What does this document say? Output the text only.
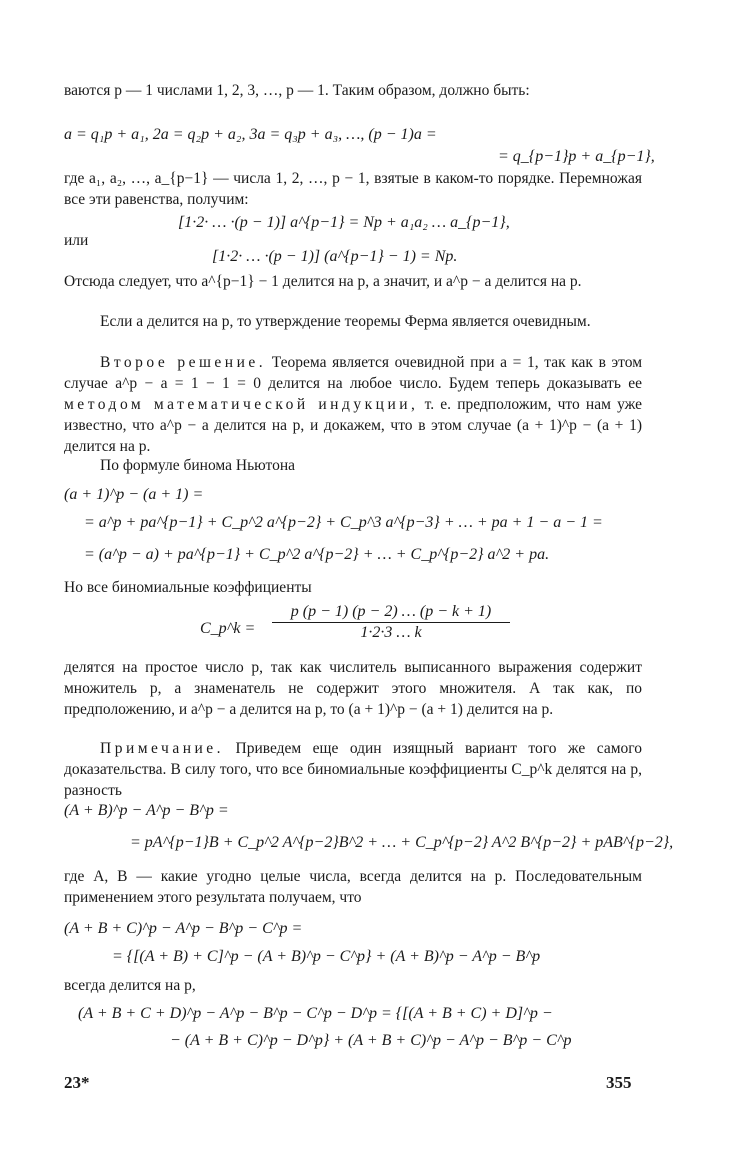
ваются p — 1 числами 1, 2, 3, …, p — 1. Таким образом, должно быть:
a = q₁p + a₁, 2a = q₂p + a₂, 3a = q₃p + a₃, …, (p − 1)a =
= q_{p−1}p + a_{p−1},
где a₁, a₂, …, a_{p−1} — числа 1, 2, …, p − 1, взятые в каком-то порядке. Перемножая все эти равенства, получим:
[1·2· … ·(p − 1)] a^{p−1} = Np + a₁a₂ … a_{p−1},
или
[1·2· … ·(p − 1)] (a^{p−1} − 1) = Np.
Отсюда следует, что a^{p−1} − 1 делится на p, а значит, и a^p − a делится на p.
Если a делится на p, то утверждение теоремы Ферма является очевидным.
Второе решение. Теорема является очевидной при a = 1, так как в этом случае a^p − a = 1 − 1 = 0 делится на любое число. Будем теперь доказывать ее методом математической индукции, т. е. предположим, что нам уже известно, что a^p − a делится на p, и докажем, что в этом случае (a + 1)^p − (a + 1) делится на p.
По формуле бинома Ньютона
(a + 1)^p − (a + 1) =
= a^p + pa^{p−1} + C_p^2 a^{p−2} + C_p^3 a^{p−3} + … + pa + 1 − a − 1 =
= (a^p − a) + pa^{p−1} + C_p^2 a^{p−2} + … + C_p^{p−2} a^2 + pa.
Но все биномиальные коэффициенты
C_p^k =
p (p − 1) (p − 2) … (p − k + 1)
1·2·3 … k
делятся на простое число p, так как числитель выписанного выражения содержит множитель p, а знаменатель не содержит этого множителя. А так как, по предположению, и a^p − a делится на p, то (a + 1)^p − (a + 1) делится на p.
Примечание. Приведем еще один изящный вариант того же самого доказательства. В силу того, что все биномиальные коэффициенты C_p^k делятся на p, разность
(A + B)^p − A^p − B^p =
= pA^{p−1}B + C_p^2 A^{p−2}B^2 + … + C_p^{p−2} A^2 B^{p−2} + pAB^{p−2},
где A, B — какие угодно целые числа, всегда делится на p. Последовательным применением этого результата получаем, что
(A + B + C)^p − A^p − B^p − C^p =
= {[(A + B) + C]^p − (A + B)^p − C^p} + (A + B)^p − A^p − B^p
всегда делится на p,
(A + B + C + D)^p − A^p − B^p − C^p − D^p = {[(A + B + C) + D]^p −
− (A + B + C)^p − D^p} + (A + B + C)^p − A^p − B^p − C^p
23*	355
